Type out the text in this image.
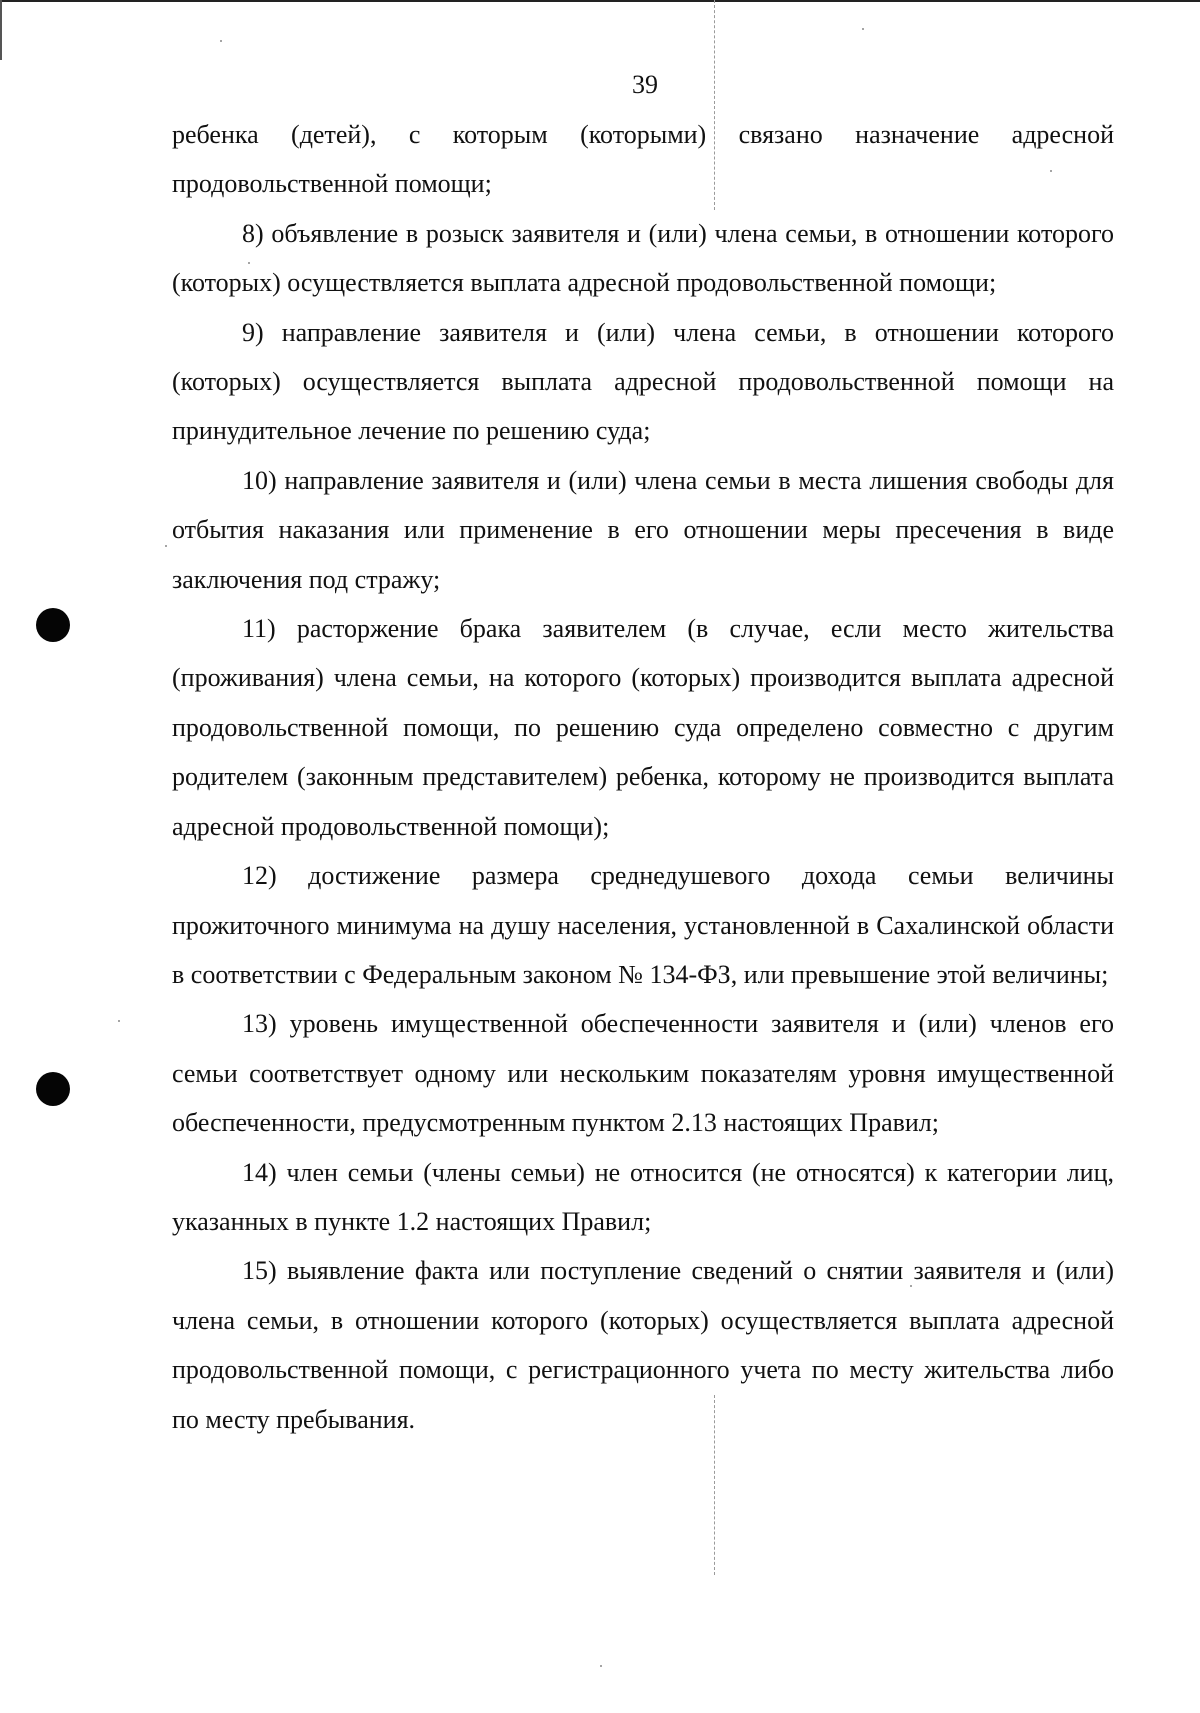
39

ребенка (детей), с которым (которыми) связано назначение адресной продовольственной помощи;

8) объявление в розыск заявителя и (или) члена семьи, в отношении которого (которых) осуществляется выплата адресной продовольственной помощи;

9) направление заявителя и (или) члена семьи, в отношении которого (которых) осуществляется выплата адресной продовольственной помощи на принудительное лечение по решению суда;

10) направление заявителя и (или) члена семьи в места лишения свободы для отбытия наказания или применение в его отношении меры пресечения в виде заключения под стражу;

11) расторжение брака заявителем (в случае, если место жительства (проживания) члена семьи, на которого (которых) производится выплата адресной продовольственной помощи, по решению суда определено совместно с другим родителем (законным представителем) ребенка, которому не производится выплата адресной продовольственной помощи);

12) достижение размера среднедушевого дохода семьи величины прожиточного минимума на душу населения, установленной в Сахалинской области в соответствии с Федеральным законом № 134-ФЗ, или превышение этой величины;

13) уровень имущественной обеспеченности заявителя и (или) членов его семьи соответствует одному или нескольким показателям уровня имущественной обеспеченности, предусмотренным пунктом 2.13 настоящих Правил;

14) член семьи (члены семьи) не относится (не относятся) к категории лиц, указанных в пункте 1.2 настоящих Правил;

15) выявление факта или поступление сведений о снятии заявителя и (или) члена семьи, в отношении которого (которых) осуществляется выплата адресной продовольственной помощи, с регистрационного учета по месту жительства либо по месту пребывания.
